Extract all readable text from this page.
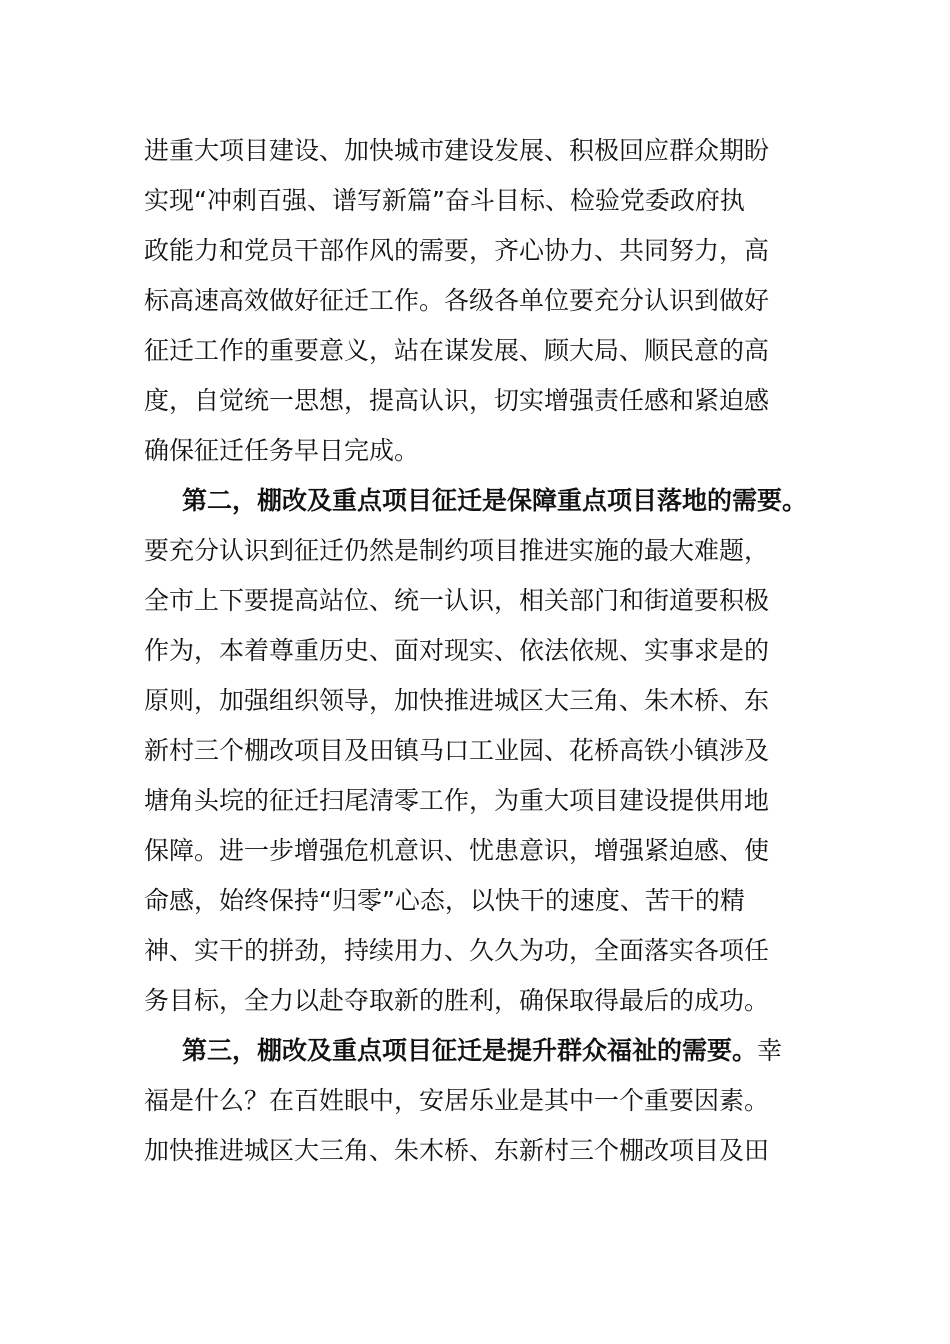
进重大项目建设、加快城市建设发展、积极回应群众期盼
实现“冲刺百强、谱写新篇”奋斗目标、检验党委政府执
政能力和党员干部作风的需要，齐心协力、共同努力，高
标高速高效做好征迁工作。各级各单位要充分认识到做好
征迁工作的重要意义，站在谋发展、顾大局、顺民意的高
度，自觉统一思想，提高认识，切实增强责任感和紧迫感
确保征迁任务早日完成。
第二，棚改及重点项目征迁是保障重点项目落地的需要。
要充分认识到征迁仍然是制约项目推进实施的最大难题，
全市上下要提高站位、统一认识，相关部门和街道要积极
作为，本着尊重历史、面对现实、依法依规、实事求是的
原则，加强组织领导，加快推进城区大三角、朱木桥、东
新村三个棚改项目及田镇马口工业园、花桥高铁小镇涉及
塘角头垸的征迁扫尾清零工作，为重大项目建设提供用地
保障。进一步增强危机意识、忧患意识，增强紧迫感、使
命感，始终保持“归零”心态，以快干的速度、苦干的精
神、实干的拼劲，持续用力、久久为功，全面落实各项任
务目标，全力以赴夺取新的胜利，确保取得最后的成功。
第三，棚改及重点项目征迁是提升群众福祉的需要。幸
福是什么？在百姓眼中，安居乐业是其中一个重要因素。
加快推进城区大三角、朱木桥、东新村三个棚改项目及田
